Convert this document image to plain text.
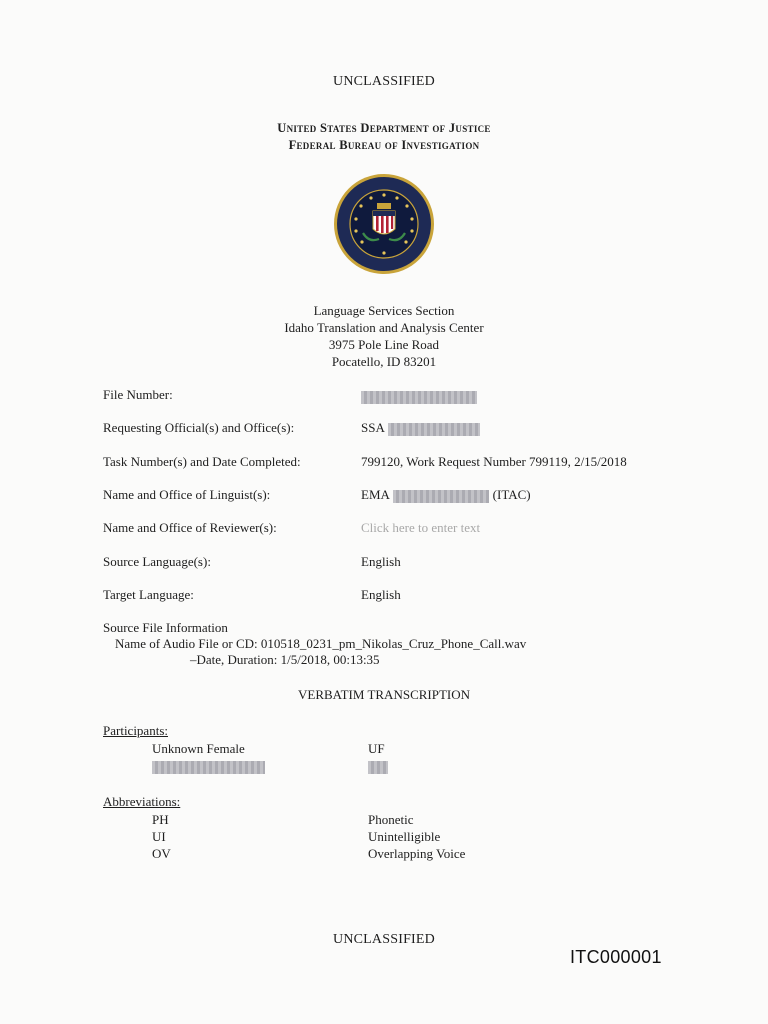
UNCLASSIFIED
United States Department of Justice
Federal Bureau of Investigation
Language Services Section
Idaho Translation and Analysis Center
3975 Pole Line Road
Pocatello, ID 83201
File Number:
Requesting Official(s) and Office(s):	SSA
Task Number(s) and Date Completed:	799120, Work Request Number 799119, 2/15/2018
Name and Office of Linguist(s):	EMA	(ITAC)
Name and Office of Reviewer(s):	Click here to enter text
Source Language(s):	English
Target Language:	English
Source File Information
Name of Audio File or CD: 010518_0231_pm_Nikolas_Cruz_Phone_Call.wav
–Date, Duration: 1/5/2018, 00:13:35
VERBATIM TRANSCRIPTION
Participants:
Unknown Female	UF
Abbreviations:
PH	Phonetic
UI	Unintelligible
OV	Overlapping Voice
UNCLASSIFIED
ITC000001
